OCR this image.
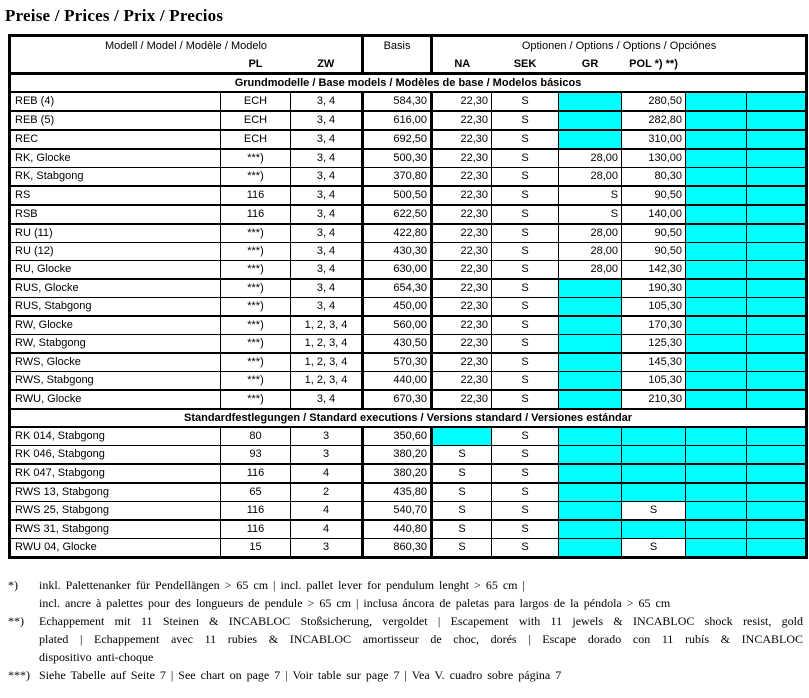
Preise / Prices / Prix / Precios
Modell / Model / Modèle / Modelo			Basis	Optionen / Options / Options / Opciónes					
	PL	ZW		NA	SEK	GR	POL *) **)		
Grundmodelle / Base models / Modèles de base / Modelos básicos									
REB (4)	ECH	3, 4	584,30	22,30	S		280,50		
REB (5)	ECH	3, 4	616,00	22,30	S		282,80		
REC	ECH	3, 4	692,50	22,30	S		310,00		
RK, Glocke	***)	3, 4	500,30	22,30	S	28,00	130,00		
RK, Stabgong	***)	3, 4	370,80	22,30	S	28,00	80,30		
RS	116	3, 4	500,50	22,30	S	S	90,50		
RSB	116	3, 4	622,50	22,30	S	S	140,00		
RU (11)	***)	3, 4	422,80	22,30	S	28,00	90,50		
RU (12)	***)	3, 4	430,30	22,30	S	28,00	90,50		
RU, Glocke	***)	3, 4	630,00	22,30	S	28,00	142,30		
RUS, Glocke	***)	3, 4	654,30	22,30	S		190,30		
RUS, Stabgong	***)	3, 4	450,00	22,30	S		105,30		
RW, Glocke	***)	1, 2, 3, 4	560,00	22,30	S		170,30		
RW, Stabgong	***)	1, 2, 3, 4	430,50	22,30	S		125,30		
RWS, Glocke	***)	1, 2, 3, 4	570,30	22,30	S		145,30		
RWS, Stabgong	***)	1, 2, 3, 4	440,00	22,30	S		105,30		
RWU, Glocke	***)	3, 4	670,30	22,30	S		210,30		
Standardfestlegungen / Standard executions / Versions standard / Versiones estándar									
RK 014, Stabgong	80	3	350,60		S				
RK 046, Stabgong	93	3	380,20	S	S				
RK 047, Stabgong	116	4	380,20	S	S				
RWS 13, Stabgong	65	2	435,80	S	S				
RWS 25, Stabgong	116	4	540,70	S	S		S		
RWS 31, Stabgong	116	4	440,80	S	S				
RWU 04, Glocke	15	3	860,30	S	S		S		
*)	inkl. Palettenanker für Pendellängen > 65 cm | incl. pallet lever for pendulum lenght > 65 cm |
incl. ancre à palettes pour des longueurs de pendule > 65 cm | inclusa áncora de paletas para largos de la péndola > 65 cm
**)	Echappement mit 11 Steinen & INCABLOC Stoßsicherung, vergoldet | Escapement with 11 jewels & INCABLOC shock resist, gold
plated | Echappement avec 11 rubies & INCABLOC amortisseur de choc, dorés | Escape dorado con 11 rubís & INCABLOC
dispositivo anti-choque
***) Siehe Tabelle auf Seite 7 | See chart on page 7 | Voir table sur page 7 | Vea V. cuadro sobre página 7
